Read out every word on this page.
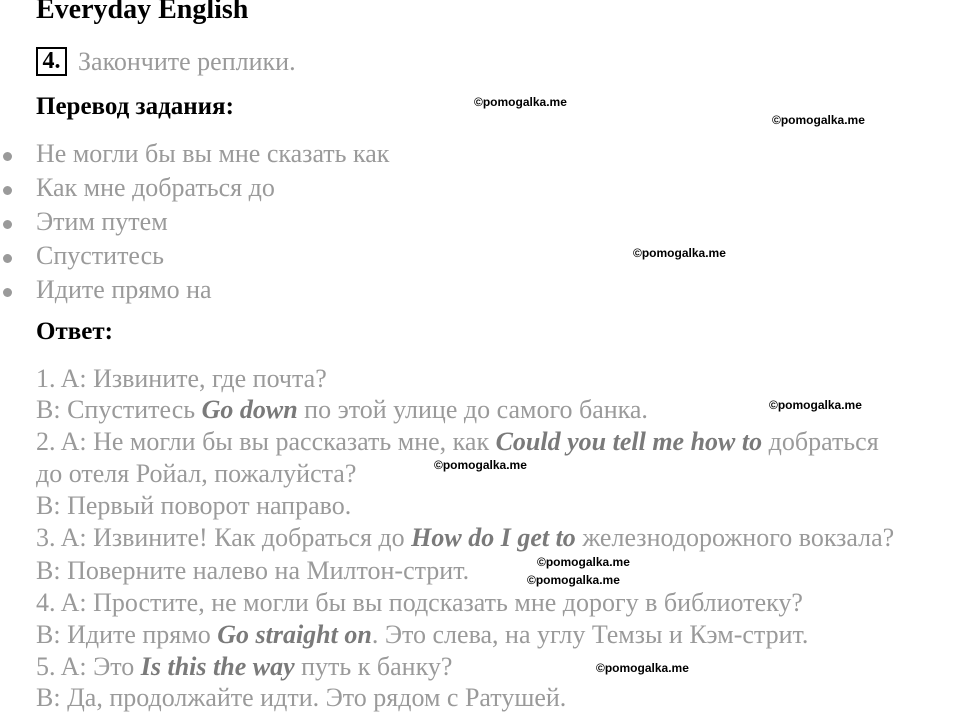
Everyday English
4. Закончите реплики.
Перевод задания:
Не могли бы вы мне сказать как
Как мне добраться до
Этим путем
Спуститесь
Идите прямо на
Ответ:
1. A: Извините, где почта?
B: Спуститесь Go down по этой улице до самого банка.
2. A: Не могли бы вы рассказать мне, как Could you tell me how to добраться
до отеля Ройал, пожалуйста?
B: Первый поворот направо.
3. A: Извините! Как добраться до How do I get to железнодорожного вокзала?
B: Поверните налево на Милтон-стрит.
4. A: Простите, не могли бы вы подсказать мне дорогу в библиотеку?
B: Идите прямо Go straight on. Это слева, на углу Темзы и Кэм-стрит.
5. A: Это Is this the way путь к банку?
B: Да, продолжайте идти. Это рядом с Ратушей.
©pomogalka.me
©pomogalka.me
©pomogalka.me
©pomogalka.me
©pomogalka.me
©pomogalka.me
©pomogalka.me
©pomogalka.me
